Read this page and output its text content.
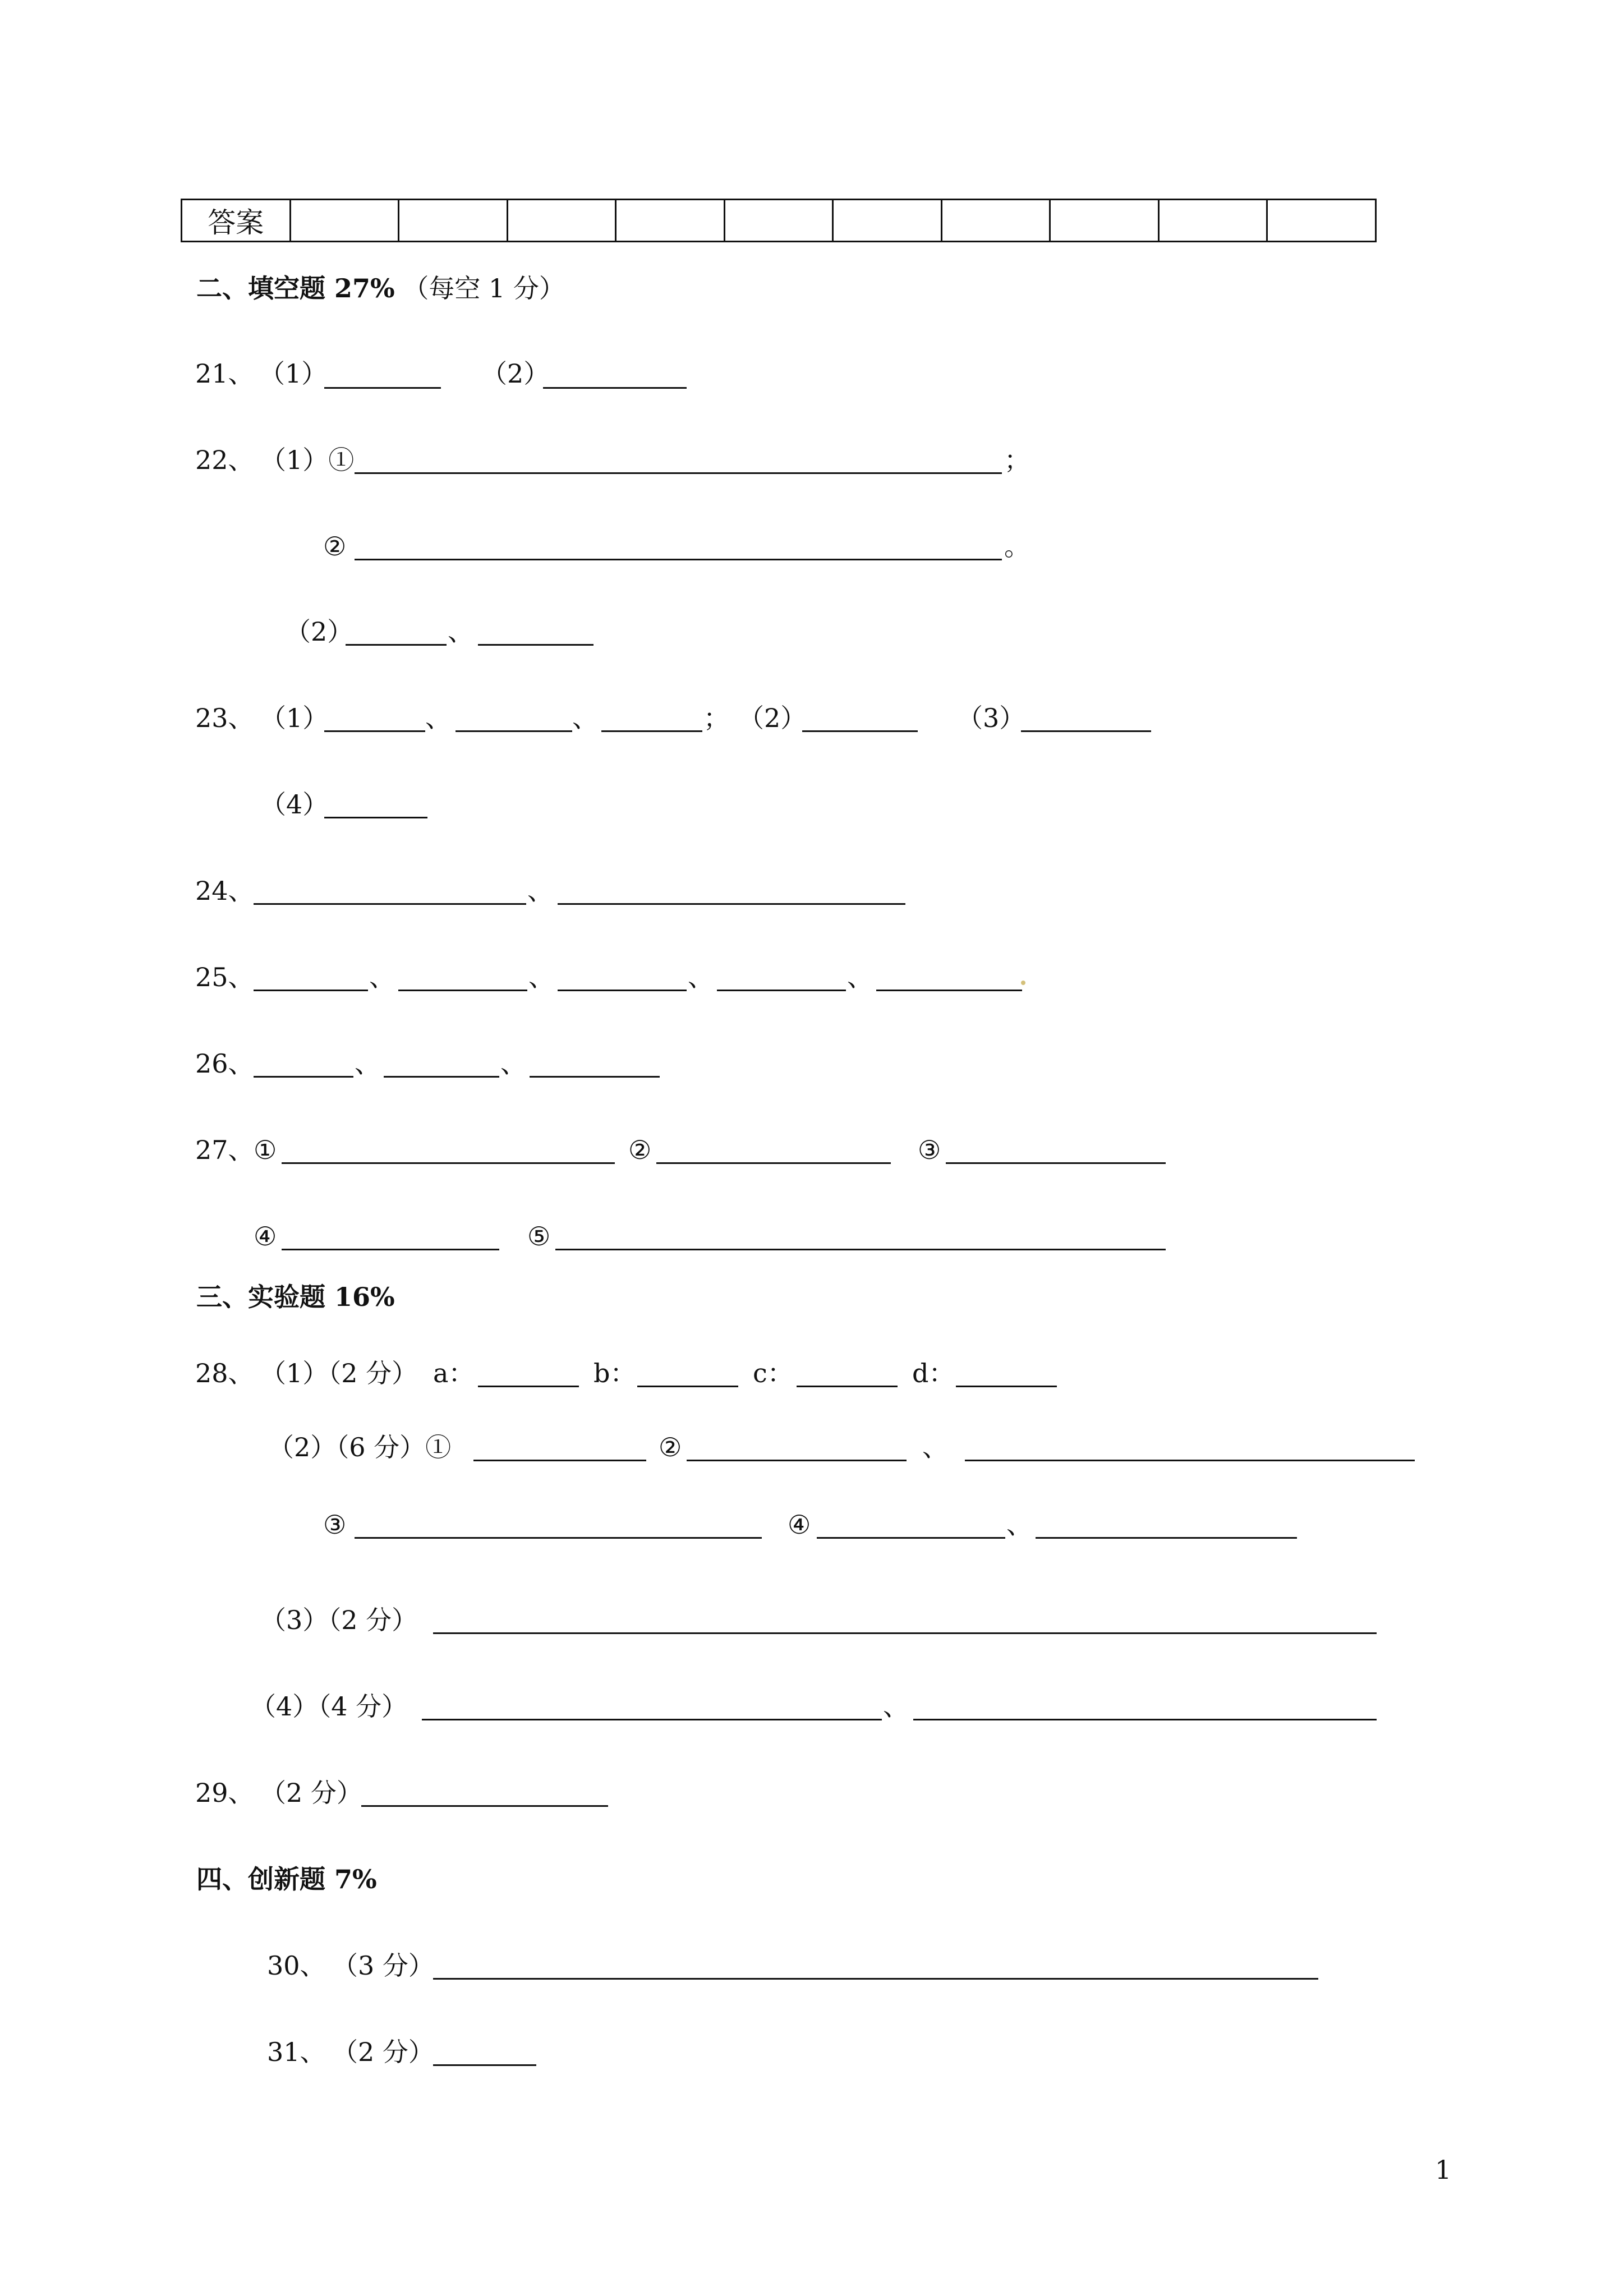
答案										
二、填空题 27% （每空 1 分）
21、 （1）	（2）
22、 （1）①	；
②	。
（2）	、
23、 （1）	、	、	； （2）	（3）
（4）
24、	、
25、	、	、	、	、
26、	、	、
27、 ①	②	③
④	⑤
三、实验题 16%
28、 （1）（2 分） a：	b：	c：	d：
（2）（6 分）①	②	、
③	④	、
（3）（2 分）
（4）（4 分）	、
29、 （2 分）
四、创新题 7%
30、 （3 分）
31、 （2 分）
1
